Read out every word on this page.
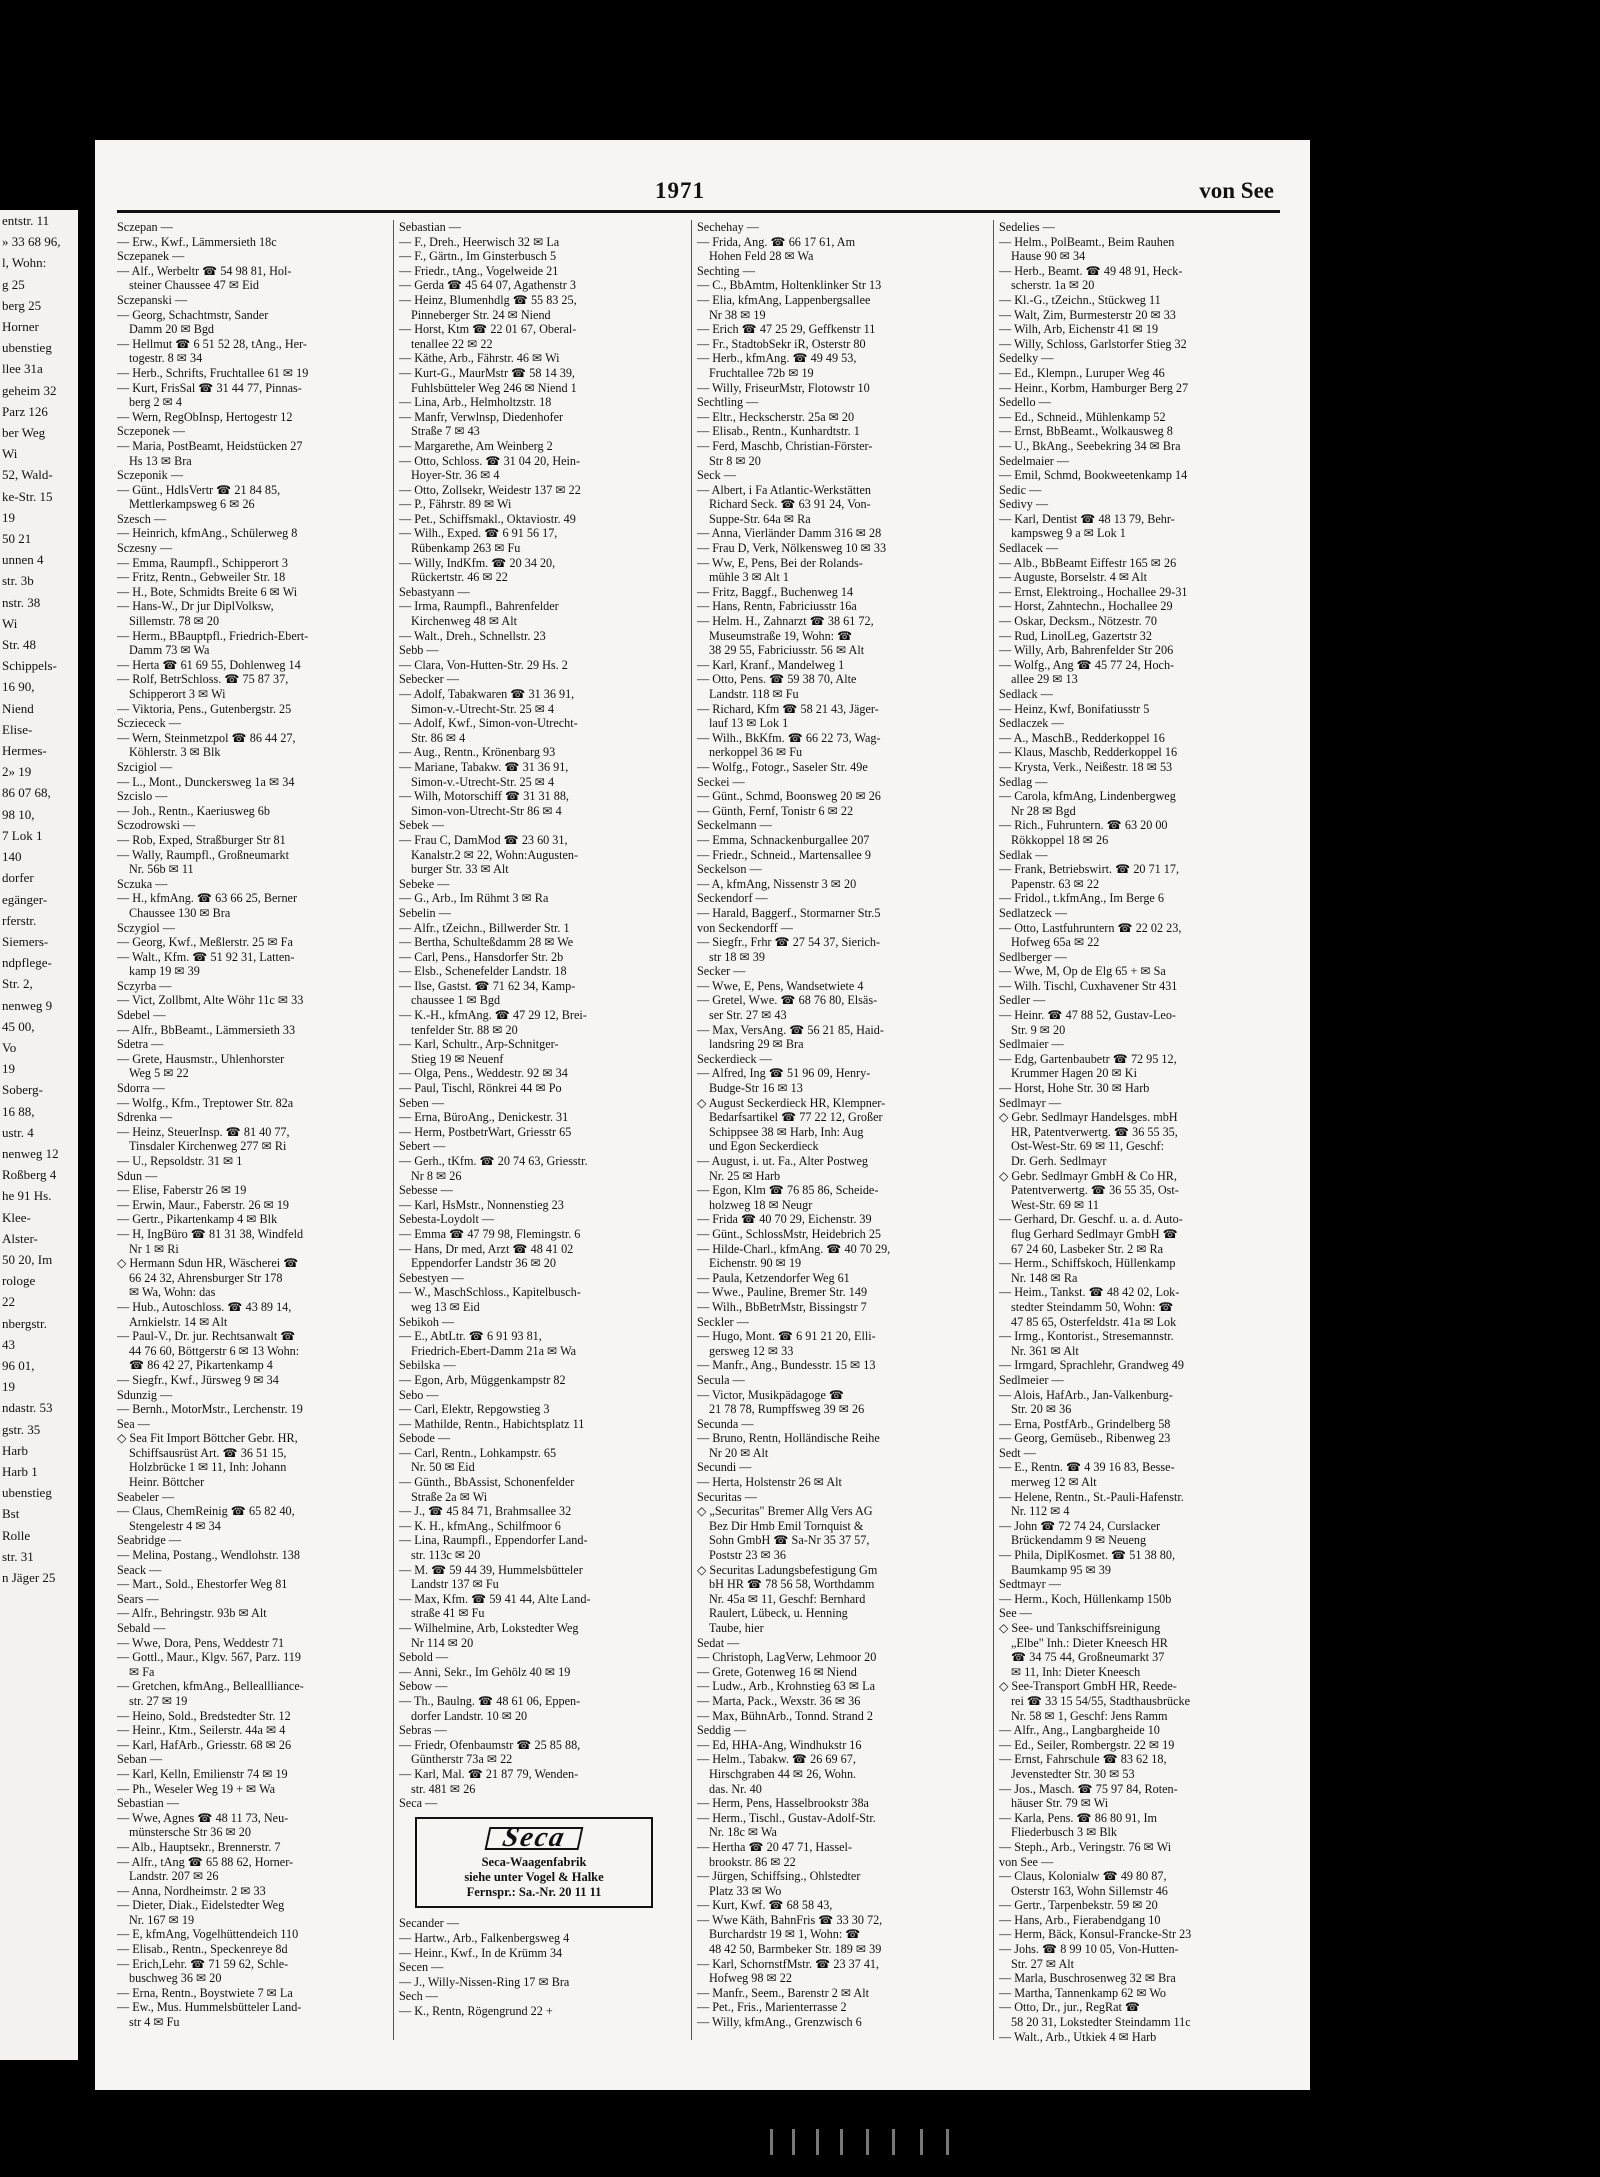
entstr. 11
» 33 68 96,
l, Wohn:
g 25
berg 25
Horner
ubenstieg
llee 31a
geheim 32
Parz 126
ber Weg
Wi
52, Wald-
ke-Str. 15
19
50 21
unnen 4
str. 3b
nstr. 38
Wi
Str. 48
Schippels-
16 90,
Niend
Elise-
Hermes-
2» 19
86 07 68,
98 10,
7 Lok 1
140
dorfer
egänger-
rferstr.
Siemers-
ndpflege-
Str. 2,
nenweg 9
45 00,
Vo
19
Soberg-
16 88,
ustr. 4
nenweg 12
Roßberg 4
he 91 Hs.
Klee-
Alster-
50 20, Im
rologe
22
nbergstr.
43
96 01,
19
ndastr. 53
gstr. 35
Harb
Harb 1
ubenstieg
Bst
Rolle
str. 31
n Jäger 25
1971	von See
Sczepan —
— Erw., Kwf., Lämmersieth 18c
Sczepanek —
— Alf., Werbeltr ☎ 54 98 81, Hol-
steiner Chaussee 47 ✉ Eid
Sczepanski —
— Georg, Schachtmstr, Sander
Damm 20 ✉ Bgd
— Hellmut ☎ 6 51 52 28, tAng., Her-
togestr. 8 ✉ 34
— Herb., Schrifts, Fruchtallee 61 ✉ 19
— Kurt, FrisSal ☎ 31 44 77, Pinnas-
berg 2 ✉ 4
— Wern, RegObInsp, Hertogestr 12
Sczeponek —
— Maria, PostBeamt, Heidstücken 27
Hs 13 ✉ Bra
Sczeponik —
— Günt., HdlsVertr ☎ 21 84 85,
Mettlerkampsweg 6 ✉ 26
Szesch —
— Heinrich, kfmAng., Schülerweg 8
Sczesny —
— Emma, Raumpfl., Schipperort 3
— Fritz, Rentn., Gebweiler Str. 18
— H., Bote, Schmidts Breite 6 ✉ Wi
— Hans-W., Dr jur DiplVolksw,
Sillemstr. 78 ✉ 20
— Herm., BBauptpfl., Friedrich-Ebert-
Damm 73 ✉ Wa
— Herta ☎ 61 69 55, Dohlenweg 14
— Rolf, BetrSchloss. ☎ 75 87 37,
Schipperort 3 ✉ Wi
— Viktoria, Pens., Gutenbergstr. 25
Scziececk —
— Wern, Steinmetzpol ☎ 86 44 27,
Köhlerstr. 3 ✉ Blk
Szcigiol —
— L., Mont., Dunckersweg 1a ✉ 34
Szcislo —
— Joh., Rentn., Kaeriusweg 6b
Sczodrowski —
— Rob, Exped, Straßburger Str 81
— Wally, Raumpfl., Großneumarkt
Nr. 56b ✉ 11
Sczuka —
— H., kfmAng. ☎ 63 66 25, Berner
Chaussee 130 ✉ Bra
Sczygiol —
— Georg, Kwf., Meßlerstr. 25 ✉ Fa
— Walt., Kfm. ☎ 51 92 31, Latten-
kamp 19 ✉ 39
Sczyrba —
— Vict, Zollbmt, Alte Wöhr 11c ✉ 33
Sdebel —
— Alfr., BbBeamt., Lämmersieth 33
Sdetra —
— Grete, Hausmstr., Uhlenhorster
Weg 5 ✉ 22
Sdorra —
— Wolfg., Kfm., Treptower Str. 82a
Sdrenka —
— Heinz, SteuerInsp. ☎ 81 40 77,
Tinsdaler Kirchenweg 277 ✉ Ri
— U., Repsoldstr. 31 ✉ 1
Sdun —
— Elise, Faberstr 26 ✉ 19
— Erwin, Maur., Faberstr. 26 ✉ 19
— Gertr., Pikartenkamp 4 ✉ Blk
— H, IngBüro ☎ 81 31 38, Windfeld
Nr 1 ✉ Ri
◇ Hermann Sdun HR, Wäscherei ☎
66 24 32, Ahrensburger Str 178
✉ Wa, Wohn: das
— Hub., Autoschloss. ☎ 43 89 14,
Arnkielstr. 14 ✉ Alt
— Paul-V., Dr. jur. Rechtsanwalt ☎
44 76 60, Böttgerstr 6 ✉ 13 Wohn:
☎ 86 42 27, Pikartenkamp 4
— Siegfr., Kwf., Jürsweg 9 ✉ 34
Sdunzig —
— Bernh., MotorMstr., Lerchenstr. 19
Sea —
◇ Sea Fit Import Böttcher Gebr. HR,
Schiffsausrüst Art. ☎ 36 51 15,
Holzbrücke 1 ✉ 11, Inh: Johann
Heinr. Böttcher
Seabeler —
— Claus, ChemReinig ☎ 65 82 40,
Stengelestr 4 ✉ 34
Seabridge —
— Melina, Postang., Wendlohstr. 138
Seack —
— Mart., Sold., Ehestorfer Weg 81
Sears —
— Alfr., Behringstr. 93b ✉ Alt
Sebald —
— Wwe, Dora, Pens, Weddestr 71
— Gottl., Maur., Klgv. 567, Parz. 119
✉ Fa
— Gretchen, kfmAng., Belleallliance-
str. 27 ✉ 19
— Heino, Sold., Bredstedter Str. 12
— Heinr., Ktm., Seilerstr. 44a ✉ 4
— Karl, HafArb., Griesstr. 68 ✉ 26
Seban —
— Karl, Kelln, Emilienstr 74 ✉ 19
— Ph., Weseler Weg 19 + ✉ Wa
Sebastian —
— Wwe, Agnes ☎ 48 11 73, Neu-
münstersche Str 36 ✉ 20
— Alb., Hauptsekr., Brennerstr. 7
— Alfr., tAng ☎ 65 88 62, Horner-
Landstr. 207 ✉ 26
— Anna, Nordheimstr. 2 ✉ 33
— Dieter, Diak., Eidelstedter Weg
Nr. 167 ✉ 19
— E, kfmAng, Vogelhüttendeich 110
— Elisab., Rentn., Speckenreye 8d
— Erich,Lehr. ☎ 71 59 62, Schle-
buschweg 36 ✉ 20
— Erna, Rentn., Boystwiete 7 ✉ La
— Ew., Mus. Hummelsbütteler Land-
str 4 ✉ Fu
Sebastian —
— F., Dreh., Heerwisch 32 ✉ La
— F., Gärtn., Im Ginsterbusch 5
— Friedr., tAng., Vogelweide 21
— Gerda ☎ 45 64 07, Agathenstr 3
— Heinz, Blumenhdlg ☎ 55 83 25,
Pinneberger Str. 24 ✉ Niend
— Horst, Ktm ☎ 22 01 67, Oberal-
tenallee 22 ✉ 22
— Käthe, Arb., Fährstr. 46 ✉ Wi
— Kurt-G., MaurMstr ☎ 58 14 39,
Fuhlsbütteler Weg 246 ✉ Niend 1
— Lina, Arb., Helmholtzstr. 18
— Manfr, Verwlnsp, Diedenhofer
Straße 7 ✉ 43
— Margarethe, Am Weinberg 2
— Otto, Schloss. ☎ 31 04 20, Hein-
Hoyer-Str. 36 ✉ 4
— Otto, Zollsekr, Weidestr 137 ✉ 22
— P., Fährstr. 89 ✉ Wi
— Pet., Schiffsmakl., Oktaviostr. 49
— Wilh., Exped. ☎ 6 91 56 17,
Rübenkamp 263 ✉ Fu
— Willy, IndKfm. ☎ 20 34 20,
Rückertstr. 46 ✉ 22
Sebastyann —
— Irma, Raumpfl., Bahrenfelder
Kirchenweg 48 ✉ Alt
— Walt., Dreh., Schnellstr. 23
Sebb —
— Clara, Von-Hutten-Str. 29 Hs. 2
Sebecker —
— Adolf, Tabakwaren ☎ 31 36 91,
Simon-v.-Utrecht-Str. 25 ✉ 4
— Adolf, Kwf., Simon-von-Utrecht-
Str. 86 ✉ 4
— Aug., Rentn., Krönenbarg 93
— Mariane, Tabakw. ☎ 31 36 91,
Simon-v.-Utrecht-Str. 25 ✉ 4
— Wilh, Motorschiff ☎ 31 31 88,
Simon-von-Utrecht-Str 86 ✉ 4
Sebek —
— Frau C, DamMod ☎ 23 60 31,
Kanalstr.2 ✉ 22, Wohn:Augusten-
burger Str. 33 ✉ Alt
Sebeke —
— G., Arb., Im Rühmt 3 ✉ Ra
Sebelin —
— Alfr., tZeichn., Billwerder Str. 1
— Bertha, Schulteßdamm 28 ✉ We
— Carl, Pens., Hansdorfer Str. 2b
— Elsb., Schenefelder Landstr. 18
— Ilse, Gastst. ☎ 71 62 34, Kamp-
chaussee 1 ✉ Bgd
— K.-H., kfmAng. ☎ 47 29 12, Brei-
tenfelder Str. 88 ✉ 20
— Karl, Schultr., Arp-Schnitger-
Stieg 19 ✉ Neuenf
— Olga, Pens., Weddestr. 92 ✉ 34
— Paul, Tischl, Rönkrei 44 ✉ Po
Seben —
— Erna, BüroAng., Denickestr. 31
— Herm, PostbetrWart, Griesstr 65
Sebert —
— Gerh., tKfm. ☎ 20 74 63, Griesstr.
Nr 8 ✉ 26
Sebesse —
— Karl, HsMstr., Nonnenstieg 23
Sebesta-Loydolt —
— Emma ☎ 47 79 98, Flemingstr. 6
— Hans, Dr med, Arzt ☎ 48 41 02
Eppendorfer Landstr 36 ✉ 20
Sebestyen —
— W., MaschSchloss., Kapitelbusch-
weg 13 ✉ Eid
Sebikoh —
— E., AbtLtr. ☎ 6 91 93 81,
Friedrich-Ebert-Damm 21a ✉ Wa
Sebilska —
— Egon, Arb, Müggenkampstr 82
Sebo —
— Carl, Elektr, Repgowstieg 3
— Mathilde, Rentn., Habichtsplatz 11
Sebode —
— Carl, Rentn., Lohkampstr. 65
Nr. 50 ✉ Eid
— Günth., BbAssist, Schonenfelder
Straße 2a ✉ Wi
— J., ☎ 45 84 71, Brahmsallee 32
— K. H., kfmAng., Schilfmoor 6
— Lina, Raumpfl., Eppendorfer Land-
str. 113c ✉ 20
— M. ☎ 59 44 39, Hummelsbütteler
Landstr 137 ✉ Fu
— Max, Kfm. ☎ 59 41 44, Alte Land-
straße 41 ✉ Fu
— Wilhelmine, Arb, Lokstedter Weg
Nr 114 ✉ 20
Sebold —
— Anni, Sekr., Im Gehölz 40 ✉ 19
Sebow —
— Th., Baulng. ☎ 48 61 06, Eppen-
dorfer Landstr. 10 ✉ 20
Sebras —
— Friedr, Ofenbaumstr ☎ 25 85 88,
Güntherstr 73a ✉ 22
— Karl, Mal. ☎ 21 87 79, Wenden-
str. 481 ✉ 26
Seca —
Seca
Seca-Waagenfabrik
siehe unter Vogel & Halke
Fernspr.: Sa.-Nr. 20 11 11
Secander —
— Hartw., Arb., Falkenbergsweg 4
— Heinr., Kwf., In de Krümm 34
Secen —
— J., Willy-Nissen-Ring 17 ✉ Bra
Sech —
— K., Rentn, Rögengrund 22 +
Sechehay —
— Frida, Ang. ☎ 66 17 61, Am
Hohen Feld 28 ✉ Wa
Sechting —
— C., BbAmtm, Holtenklinker Str 13
— Elia, kfmAng, Lappenbergsallee
Nr 38 ✉ 19
— Erich ☎ 47 25 29, Geffkenstr 11
— Fr., StadtobSekr iR, Osterstr 80
— Herb., kfmAng. ☎ 49 49 53,
Fruchtallee 72b ✉ 19
— Willy, FriseurMstr, Flotowstr 10
Sechtling —
— Eltr., Heckscherstr. 25a ✉ 20
— Elisab., Rentn., Kunhardtstr. 1
— Ferd, Maschb, Christian-Förster-
Str 8 ✉ 20
Seck —
— Albert, i Fa Atlantic-Werkstätten
Richard Seck. ☎ 63 91 24, Von-
Suppe-Str. 64a ✉ Ra
— Anna, Vierländer Damm 316 ✉ 28
— Frau D, Verk, Nölkensweg 10 ✉ 33
— Ww, E, Pens, Bei der Rolands-
mühle 3 ✉ Alt 1
— Fritz, Baggf., Buchenweg 14
— Hans, Rentn, Fabriciusstr 16a
— Helm. H., Zahnarzt ☎ 38 61 72,
Museumstraße 19, Wohn: ☎
38 29 55, Fabriciusstr. 56 ✉ Alt
— Karl, Kranf., Mandelweg 1
— Otto, Pens. ☎ 59 38 70, Alte
Landstr. 118 ✉ Fu
— Richard, Kfm ☎ 58 21 43, Jäger-
lauf 13 ✉ Lok 1
— Wilh., BkKfm. ☎ 66 22 73, Wag-
nerkoppel 36 ✉ Fu
— Wolfg., Fotogr., Saseler Str. 49e
Seckei —
— Günt., Schmd, Boonsweg 20 ✉ 26
— Günth, Fernf, Tonistr 6 ✉ 22
Seckelmann —
— Emma, Schnackenburgallee 207
— Friedr., Schneid., Martensallee 9
Seckelson —
— A, kfmAng, Nissenstr 3 ✉ 20
Seckendorf —
— Harald, Baggerf., Stormarner Str.5
von Seckendorff —
— Siegfr., Frhr ☎ 27 54 37, Sierich-
str 18 ✉ 39
Secker —
— Wwe, E, Pens, Wandsetwiete 4
— Gretel, Wwe. ☎ 68 76 80, Elsäs-
ser Str. 27 ✉ 43
— Max, VersAng. ☎ 56 21 85, Haid-
landsring 29 ✉ Bra
Seckerdieck —
— Alfred, Ing ☎ 51 96 09, Henry-
Budge-Str 16 ✉ 13
◇ August Seckerdieck HR, Klempner-
Bedarfsartikel ☎ 77 22 12, Großer
Schippsee 38 ✉ Harb, Inh: Aug
und Egon Seckerdieck
— August, i. ut. Fa., Alter Postweg
Nr. 25 ✉ Harb
— Egon, Klm ☎ 76 85 86, Scheide-
holzweg 18 ✉ Neugr
— Frida ☎ 40 70 29, Eichenstr. 39
— Günt., SchlossMstr, Heidebrich 25
— Hilde-Charl., kfmAng. ☎ 40 70 29,
Eichenstr. 90 ✉ 19
— Paula, Ketzendorfer Weg 61
— Wwe., Pauline, Bremer Str. 149
— Wilh., BbBetrMstr, Bissingstr 7
Seckler —
— Hugo, Mont. ☎ 6 91 21 20, Elli-
gersweg 12 ✉ 33
— Manfr., Ang., Bundesstr. 15 ✉ 13
Secula —
— Victor, Musikpädagoge ☎
21 78 78, Rumpffsweg 39 ✉ 26
Secunda —
— Bruno, Rentn, Holländische Reihe
Nr 20 ✉ Alt
Secundi —
— Herta, Holstenstr 26 ✉ Alt
Securitas —
◇ „Securitas" Bremer Allg Vers AG
Bez Dir Hmb Emil Tornquist &
Sohn GmbH ☎ Sa-Nr 35 37 57,
Poststr 23 ✉ 36
◇ Securitas Ladungsbefestigung Gm
bH HR ☎ 78 56 58, Worthdamm
Nr. 45a ✉ 11, Geschf: Bernhard
Raulert, Lübeck, u. Henning
Taube, hier
Sedat —
— Christoph, LagVerw, Lehmoor 20
— Grete, Gotenweg 16 ✉ Niend
— Ludw., Arb., Krohnstieg 63 ✉ La
— Marta, Pack., Wexstr. 36 ✉ 36
— Max, BühnArb., Tonnd. Strand 2
Seddig —
— Ed, HHA-Ang, Windhukstr 16
— Helm., Tabakw. ☎ 26 69 67,
Hirschgraben 44 ✉ 26, Wohn.
das. Nr. 40
— Herm, Pens, Hasselbrookstr 38a
— Herm., Tischl., Gustav-Adolf-Str.
Nr. 18c ✉ Wa
— Hertha ☎ 20 47 71, Hassel-
brookstr. 86 ✉ 22
— Jürgen, Schiffsing., Ohlstedter
Platz 33 ✉ Wo
— Kurt, Kwf. ☎ 68 58 43,
— Wwe Käth, BahnFris ☎ 33 30 72,
Burchardstr 19 ✉ 1, Wohn: ☎
48 42 50, Barmbeker Str. 189 ✉ 39
— Karl, SchornstfMstr. ☎ 23 37 41,
Hofweg 98 ✉ 22
— Manfr., Seem., Barenstr 2 ✉ Alt
— Pet., Fris., Marienterrasse 2
— Willy, kfmAng., Grenzwisch 6
Sedelies —
— Helm., PolBeamt., Beim Rauhen
Hause 90 ✉ 34
— Herb., Beamt. ☎ 49 48 91, Heck-
scherstr. 1a ✉ 20
— Kl.-G., tZeichn., Stückweg 11
— Walt, Zim, Burmesterstr 20 ✉ 33
— Wilh, Arb, Eichenstr 41 ✉ 19
— Willy, Schloss, Garlstorfer Stieg 32
Sedelky —
— Ed., Klempn., Luruper Weg 46
— Heinr., Korbm, Hamburger Berg 27
Sedello —
— Ed., Schneid., Mühlenkamp 52
— Ernst, BbBeamt., Wolkausweg 8
— U., BkAng., Seebekring 34 ✉ Bra
Sedelmaier —
— Emil, Schmd, Bookweetenkamp 14
Sedic —
Sedivy —
— Karl, Dentist ☎ 48 13 79, Behr-
kampsweg 9 a ✉ Lok 1
Sedlacek —
— Alb., BbBeamt Eiffestr 165 ✉ 26
— Auguste, Borselstr. 4 ✉ Alt
— Ernst, Elektroing., Hochallee 29-31
— Horst, Zahntechn., Hochallee 29
— Oskar, Decksm., Nötzestr. 70
— Rud, LinolLeg, Gazertstr 32
— Willy, Arb, Bahrenfelder Str 206
— Wolfg., Ang ☎ 45 77 24, Hoch-
allee 29 ✉ 13
Sedlack —
— Heinz, Kwf, Bonifatiusstr 5
Sedlaczek —
— A., MaschB., Redderkoppel 16
— Klaus, Maschb, Redderkoppel 16
— Krysta, Verk., Neißestr. 18 ✉ 53
Sedlag —
— Carola, kfmAng, Lindenbergweg
Nr 28 ✉ Bgd
— Rich., Fuhruntern. ☎ 63 20 00
Rökkoppel 18 ✉ 26
Sedlak —
— Frank, Betriebswirt. ☎ 20 71 17,
Papenstr. 63 ✉ 22
— Fridol., t.kfmAng., Im Berge 6
Sedlatzeck —
— Otto, Lastfuhruntern ☎ 22 02 23,
Hofweg 65a ✉ 22
Sedlberger —
— Wwe, M, Op de Elg 65 + ✉ Sa
— Wilh. Tischl, Cuxhavener Str 431
Sedler —
— Heinr. ☎ 47 88 52, Gustav-Leo-
Str. 9 ✉ 20
Sedlmaier —
— Edg, Gartenbaubetr ☎ 72 95 12,
Krummer Hagen 20 ✉ Ki
— Horst, Hohe Str. 30 ✉ Harb
Sedlmayr —
◇ Gebr. Sedlmayr Handelsges. mbH
HR, Patentverwertg. ☎ 36 55 35,
Ost-West-Str. 69 ✉ 11, Geschf:
Dr. Gerh. Sedlmayr
◇ Gebr. Sedlmayr GmbH & Co HR,
Patentverwertg. ☎ 36 55 35, Ost-
West-Str. 69 ✉ 11
— Gerhard, Dr. Geschf. u. a. d. Auto-
flug Gerhard Sedlmayr GmbH ☎
67 24 60, Lasbeker Str. 2 ✉ Ra
— Herm., Schiffskoch, Hüllenkamp
Nr. 148 ✉ Ra
— Heim., Tankst. ☎ 48 42 02, Lok-
stedter Steindamm 50, Wohn: ☎
47 85 65, Osterfeldstr. 41a ✉ Lok
— Irmg., Kontorist., Stresemannstr.
Nr. 361 ✉ Alt
— Irmgard, Sprachlehr, Grandweg 49
Sedlmeier —
— Alois, HafArb., Jan-Valkenburg-
Str. 20 ✉ 36
— Erna, PostfArb., Grindelberg 58
— Georg, Gemüseb., Ribenweg 23
Sedt —
— E., Rentn. ☎ 4 39 16 83, Besse-
merweg 12 ✉ Alt
— Helene, Rentn., St.-Pauli-Hafenstr.
Nr. 112 ✉ 4
— John ☎ 72 74 24, Curslacker
Brückendamm 9 ✉ Neueng
— Phila, DiplKosmet. ☎ 51 38 80,
Baumkamp 95 ✉ 39
Sedtmayr —
— Herm., Koch, Hüllenkamp 150b
See —
◇ See- und Tankschiffsreinigung
„Elbe" Inh.: Dieter Kneesch HR
☎ 34 75 44, Großneumarkt 37
✉ 11, Inh: Dieter Kneesch
◇ See-Transport GmbH HR, Reede-
rei ☎ 33 15 54/55, Stadthausbrücke
Nr. 58 ✉ 1, Geschf: Jens Ramm
— Alfr., Ang., Langbargheide 10
— Ed., Seiler, Rombergstr. 22 ✉ 19
— Ernst, Fahrschule ☎ 83 62 18,
Jevenstedter Str. 30 ✉ 53
— Jos., Masch. ☎ 75 97 84, Roten-
häuser Str. 79 ✉ Wi
— Karla, Pens. ☎ 86 80 91, Im
Fliederbusch 3 ✉ Blk
— Steph., Arb., Veringstr. 76 ✉ Wi
von See —
— Claus, Kolonialw ☎ 49 80 87,
Osterstr 163, Wohn Sillemstr 46
— Gertr., Tarpenbekstr. 59 ✉ 20
— Hans, Arb., Fierabendgang 10
— Herm, Bäck, Konsul-Francke-Str 23
— Johs. ☎ 8 99 10 05, Von-Hutten-
Str. 27 ✉ Alt
— Marla, Buschrosenweg 32 ✉ Bra
— Martha, Tannenkamp 62 ✉ Wo
— Otto, Dr., jur., RegRat ☎
58 20 31, Lokstedter Steindamm 11c
— Walt., Arb., Utkiek 4 ✉ Harb
